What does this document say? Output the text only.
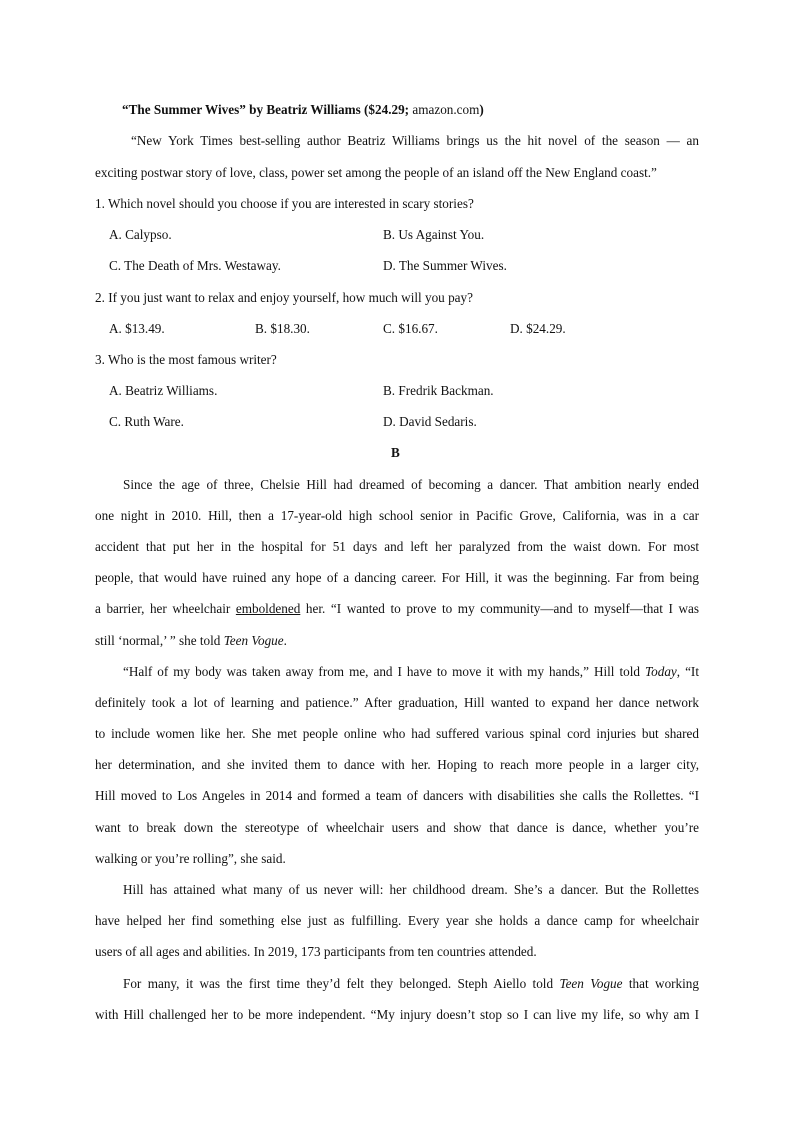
“The Summer Wives” by Beatriz Williams ($24.29; amazon.com)
“New York Times best-selling author Beatriz Williams brings us the hit novel of the season — an
exciting postwar story of love, class, power set among the people of an island off the New England coast.”
1. Which novel should you choose if you are interested in scary stories?
A. Calypso.	B. Us Against You.
C. The Death of Mrs. Westaway.	D. The Summer Wives.
2. If you just want to relax and enjoy yourself, how much will you pay?
A. $13.49.	B. $18.30.	C. $16.67.	D. $24.29.
3. Who is the most famous writer?
A. Beatriz Williams.	B. Fredrik Backman.
C. Ruth Ware.	D. David Sedaris.
B
Since the age of three, Chelsie Hill had dreamed of becoming a dancer. That ambition nearly ended
one night in 2010. Hill, then a 17-year-old high school senior in Pacific Grove, California, was in a car
accident that put her in the hospital for 51 days and left her paralyzed from the waist down. For most
people, that would have ruined any hope of a dancing career. For Hill, it was the beginning. Far from being
a barrier, her wheelchair emboldened her. “I wanted to prove to my community—and to myself—that I was
still ‘normal,’ ” she told Teen Vogue.
“Half of my body was taken away from me, and I have to move it with my hands,” Hill told Today, “It
definitely took a lot of learning and patience.” After graduation, Hill wanted to expand her dance network
to include women like her. She met people online who had suffered various spinal cord injuries but shared
her determination, and she invited them to dance with her. Hoping to reach more people in a larger city,
Hill moved to Los Angeles in 2014 and formed a team of dancers with disabilities she calls the Rollettes. “I
want to break down the stereotype of wheelchair users and show that dance is dance, whether you’re
walking or you’re rolling”, she said.
Hill has attained what many of us never will: her childhood dream. She’s a dancer. But the Rollettes
have helped her find something else just as fulfilling. Every year she holds a dance camp for wheelchair
users of all ages and abilities. In 2019, 173 participants from ten countries attended.
For many, it was the first time they’d felt they belonged. Steph Aiello told Teen Vogue that working
with Hill challenged her to be more independent. “My injury doesn’t stop so I can live my life, so why am I
